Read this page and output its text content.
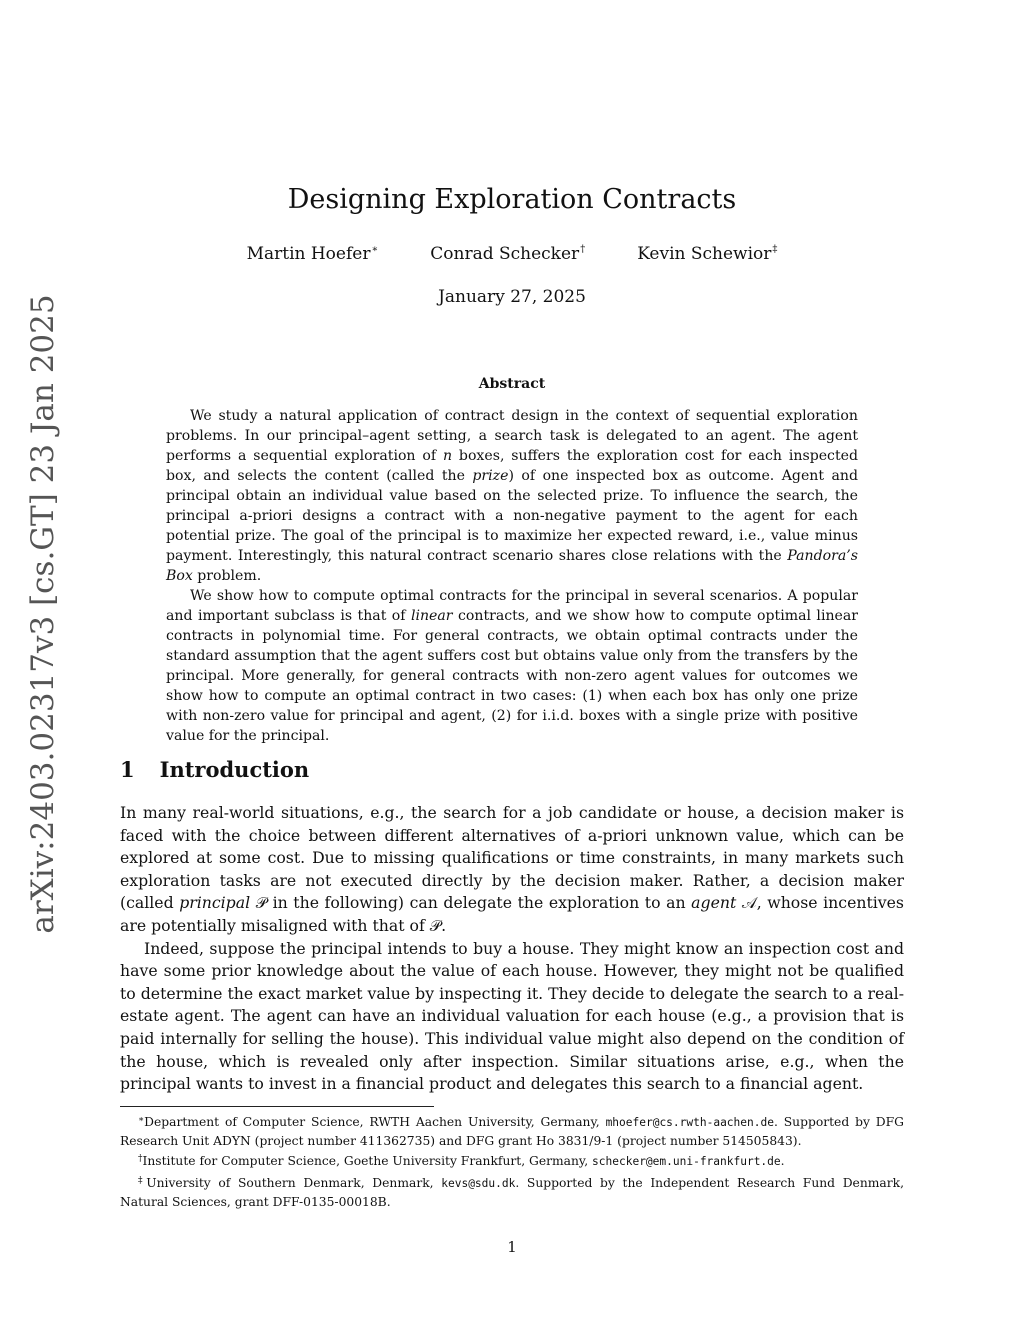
arXiv:2403.02317v3 [cs.GT] 23 Jan 2025
Designing Exploration Contracts
Martin Hoefer∗	Conrad Schecker†	Kevin Schewior‡
January 27, 2025
Abstract

We study a natural application of contract design in the context of sequential exploration problems. In our principal–agent setting, a search task is delegated to an agent. The agent performs a sequential exploration of n boxes, suffers the exploration cost for each inspected box, and selects the content (called the prize) of one inspected box as outcome. Agent and principal obtain an individual value based on the selected prize. To influence the search, the principal a-priori designs a contract with a non-negative payment to the agent for each potential prize. The goal of the principal is to maximize her expected reward, i.e., value minus payment. Interestingly, this natural contract scenario shares close relations with the Pandora’s Box problem.

We show how to compute optimal contracts for the principal in several scenarios. A popular and important subclass is that of linear contracts, and we show how to compute optimal linear contracts in polynomial time. For general contracts, we obtain optimal contracts under the standard assumption that the agent suffers cost but obtains value only from the transfers by the principal. More generally, for general contracts with non-zero agent values for outcomes we show how to compute an optimal contract in two cases: (1) when each box has only one prize with non-zero value for principal and agent, (2) for i.i.d. boxes with a single prize with positive value for the principal.

1 Introduction

In many real-world situations, e.g., the search for a job candidate or house, a decision maker is faced with the choice between different alternatives of a-priori unknown value, which can be explored at some cost. Due to missing qualifications or time constraints, in many markets such exploration tasks are not executed directly by the decision maker. Rather, a decision maker (called principal 𝒫 in the following) can delegate the exploration to an agent 𝒜, whose incentives are potentially misaligned with that of 𝒫.

Indeed, suppose the principal intends to buy a house. They might know an inspection cost and have some prior knowledge about the value of each house. However, they might not be qualified to determine the exact market value by inspecting it. They decide to delegate the search to a real-estate agent. The agent can have an individual valuation for each house (e.g., a provision that is paid internally for selling the house). This individual value might also depend on the condition of the house, which is revealed only after inspection. Similar situations arise, e.g., when the principal wants to invest in a financial product and delegates this search to a financial agent.

∗Department of Computer Science, RWTH Aachen University, Germany, mhoefer@cs.rwth-aachen.de. Supported by DFG Research Unit ADYN (project number 411362735) and DFG grant Ho 3831/9-1 (project number 514505843).

†Institute for Computer Science, Goethe University Frankfurt, Germany, schecker@em.uni-frankfurt.de.

‡University of Southern Denmark, Denmark, kevs@sdu.dk. Supported by the Independent Research Fund Denmark, Natural Sciences, grant DFF-0135-00018B.

1
